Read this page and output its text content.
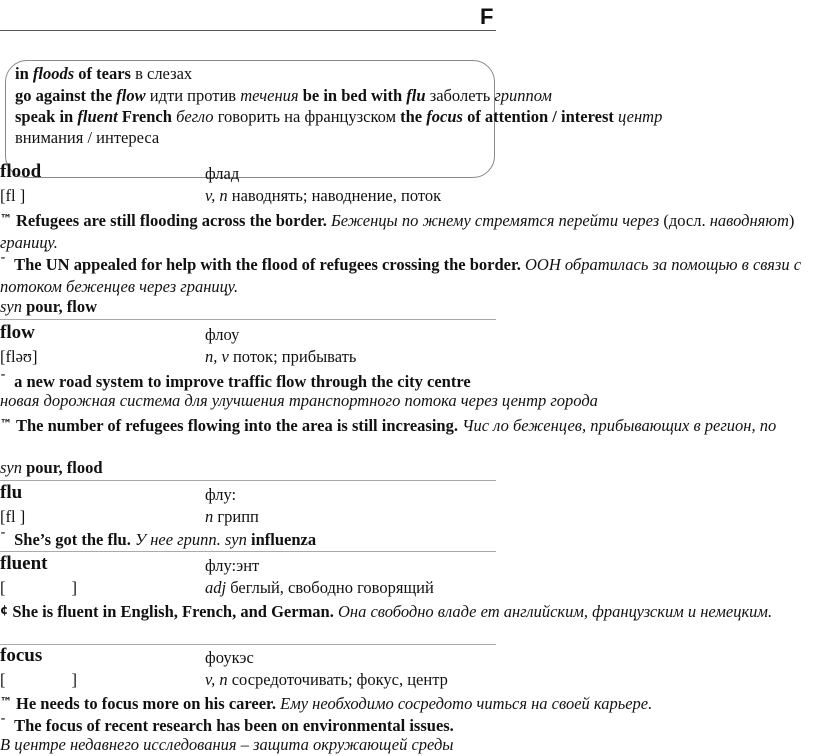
F
in floods of tears в слезах
go against the flow идти против течения be in bed with flu заболеть гриппом
speak in fluent French бегло говорить на французском the focus of attention / interest центр
внимания / интереса
flood	флад
[fl ]	v, n наводнять; наводнение, поток
™ Refugees are still flooding across the border. Беженцы по жнему стремятся перейти через (досл. наводняют) границу.
ˉ The UN appealed for help with the flood of refugees crossing the border. ООН обратилась за помощью в связи с потоком беженцев через границу.
syn pour, flow
flow	флоу
[fləʊ]	n, v поток; прибывать
ˉ a new road system to improve traffic flow through the city centre
новая дорожная система для улучшения транспортного потока через центр города
™ The number of refugees flowing into the area is still increasing. Чис ло беженцев, прибывающих в регион, по
syn pour, flood
flu	флу:
[fl ]	n грипп
ˉ She’s got the flu. У нее грипп. syn influenza
fluent	флу:энт
[                ]	adj беглый, свободно говорящий
¢ She is fluent in English, French, and German. Она свободно владе ет английским, французским и немецким.
focus	фоукэс
[                ]	v, n сосредоточивать; фокус, центр
™ He needs to focus more on his career. Ему необходимо сосредото читься на своей карьере.
ˉ The focus of recent research has been on environmental issues.
В центре недавнего исследования – защита окружающей среды
